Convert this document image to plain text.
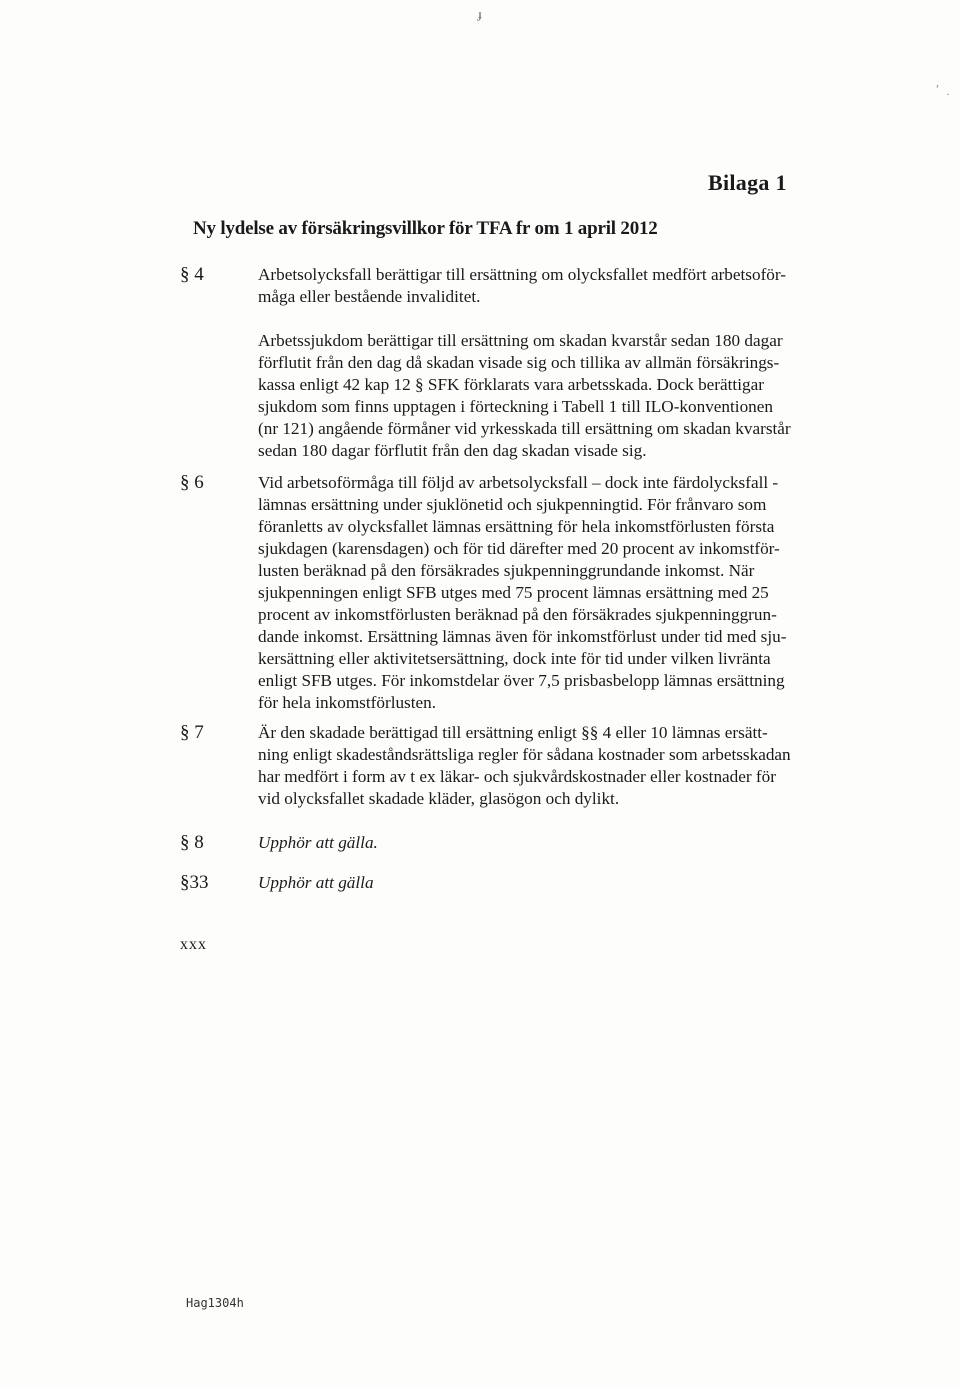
ɟ
,
·
Bilaga 1
Ny lydelse av försäkringsvillkor för TFA fr om 1 april 2012
§ 4	Arbetsolycksfall berättigar till ersättning om olycksfallet medfört arbetsoför-

måga eller bestående invaliditet.

Arbetssjukdom berättigar till ersättning om skadan kvarstår sedan 180 dagar

förflutit från den dag då skadan visade sig och tillika av allmän försäkrings-

kassa enligt 42 kap 12 § SFK förklarats vara arbetsskada. Dock berättigar

sjukdom som finns upptagen i förteckning i Tabell 1 till ILO-konventionen

(nr 121) angående förmåner vid yrkesskada till ersättning om skadan kvarstår

sedan 180 dagar förflutit från den dag skadan visade sig.

§ 6	Vid arbetsoförmåga till följd av arbetsolycksfall – dock inte färdolycksfall -

lämnas ersättning under sjuklönetid och sjukpenningtid. För frånvaro som

föranletts av olycksfallet lämnas ersättning för hela inkomstförlusten första

sjukdagen (karensdagen) och för tid därefter med 20 procent av inkomstför-

lusten beräknad på den försäkrades sjukpenninggrundande inkomst. När

sjukpenningen enligt SFB utges med 75 procent lämnas ersättning med 25

procent av inkomstförlusten beräknad på den försäkrades sjukpenninggrun-

dande inkomst. Ersättning lämnas även för inkomstförlust under tid med sju-

kersättning eller aktivitetsersättning, dock inte för tid under vilken livränta

enligt SFB utges. För inkomstdelar över 7,5 prisbasbelopp lämnas ersättning

för hela inkomstförlusten.

§ 7	Är den skadade berättigad till ersättning enligt §§ 4 eller 10 lämnas ersätt-

ning enligt skadeståndsrättsliga regler för sådana kostnader som arbetsskadan

har medfört i form av t ex läkar- och sjukvårdskostnader eller kostnader för

vid olycksfallet skadade kläder, glasögon och dylikt.

§ 8	Upphör att gälla.
§33	Upphör att gälla
xxx
Hag1304h
